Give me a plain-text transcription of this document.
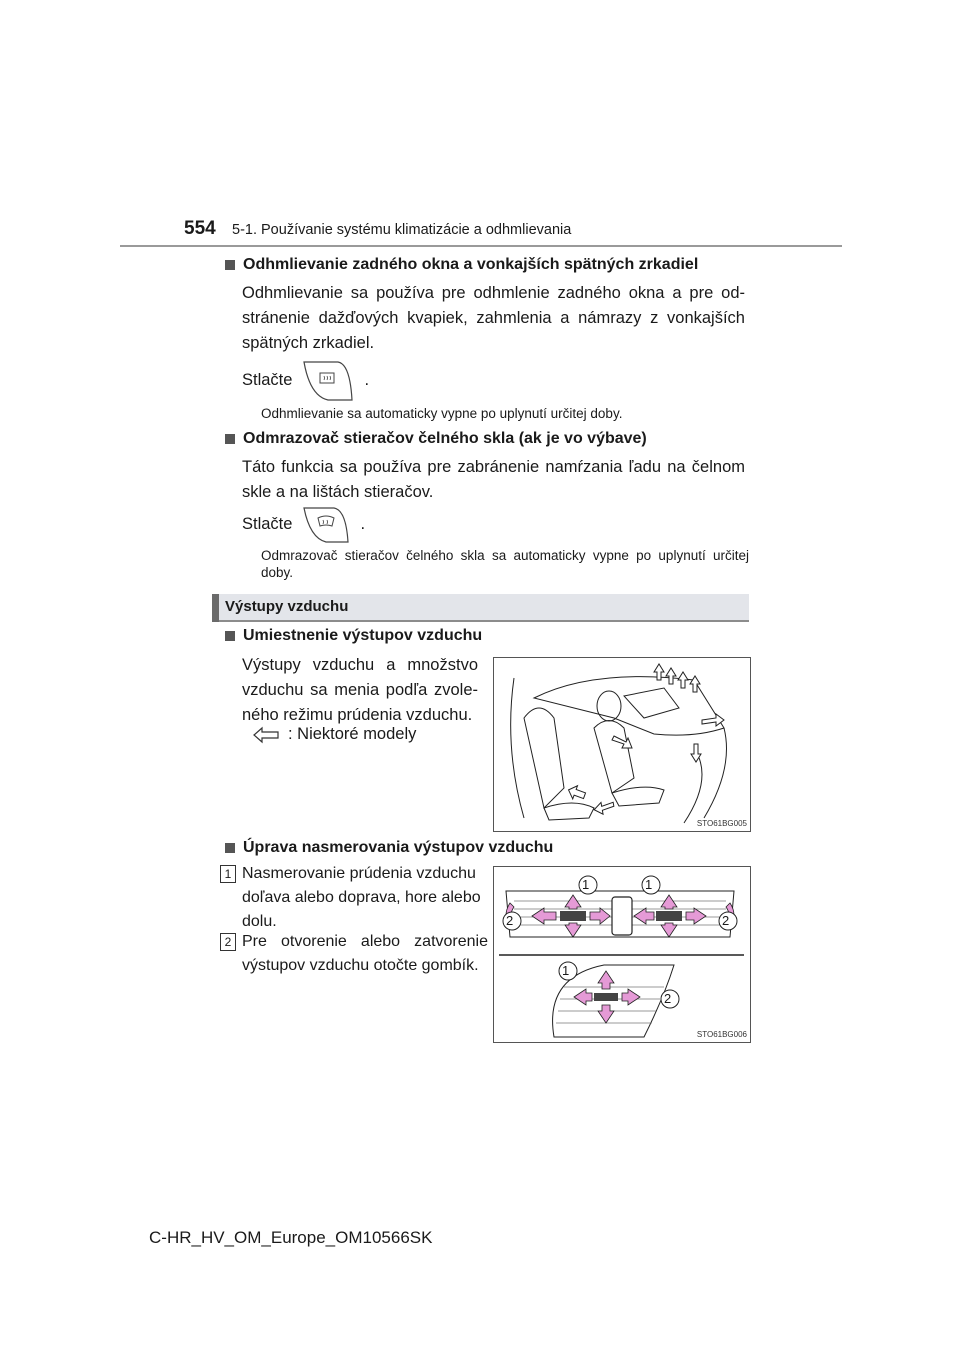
554 5-1. Používanie systému klimatizácie a odhmlievania
Odhmlievanie zadného okna a vonkajších spätných zrkadiel
Odhmlievanie sa používa pre odhmlenie zadného okna a pre od-stránenie dažďových kvapiek, zahmlenia a námrazy z vonkajších spätných zrkadiel.
Stlačte	.
Odhmlievanie sa automaticky vypne po uplynutí určitej doby.
Odmrazovač stieračov čelného skla (ak je vo výbave)
Táto funkcia sa používa pre zabránenie namŕzania ľadu na čelnom skle a na lištách stieračov.
Stlačte	.
Odmrazovač stieračov čelného skla sa automaticky vypne po uplynutí určitej doby.
Výstupy vzduchu
Umiestnenie výstupov vzduchu
Výstupy vzduchu a množstvo vzduchu sa menia podľa zvole-ného režimu prúdenia vzduchu.
: Niektoré modely
STO61BG005
Úprava nasmerovania výstupov vzduchu
1 Nasmerovanie prúdenia vzduchu doľava alebo doprava, hore alebo dolu.
2 Pre otvorenie alebo zatvorenie výstupov vzduchu otočte gombík.
1	1
2	2
1
2
STO61BG006
C-HR_HV_OM_Europe_OM10566SK
